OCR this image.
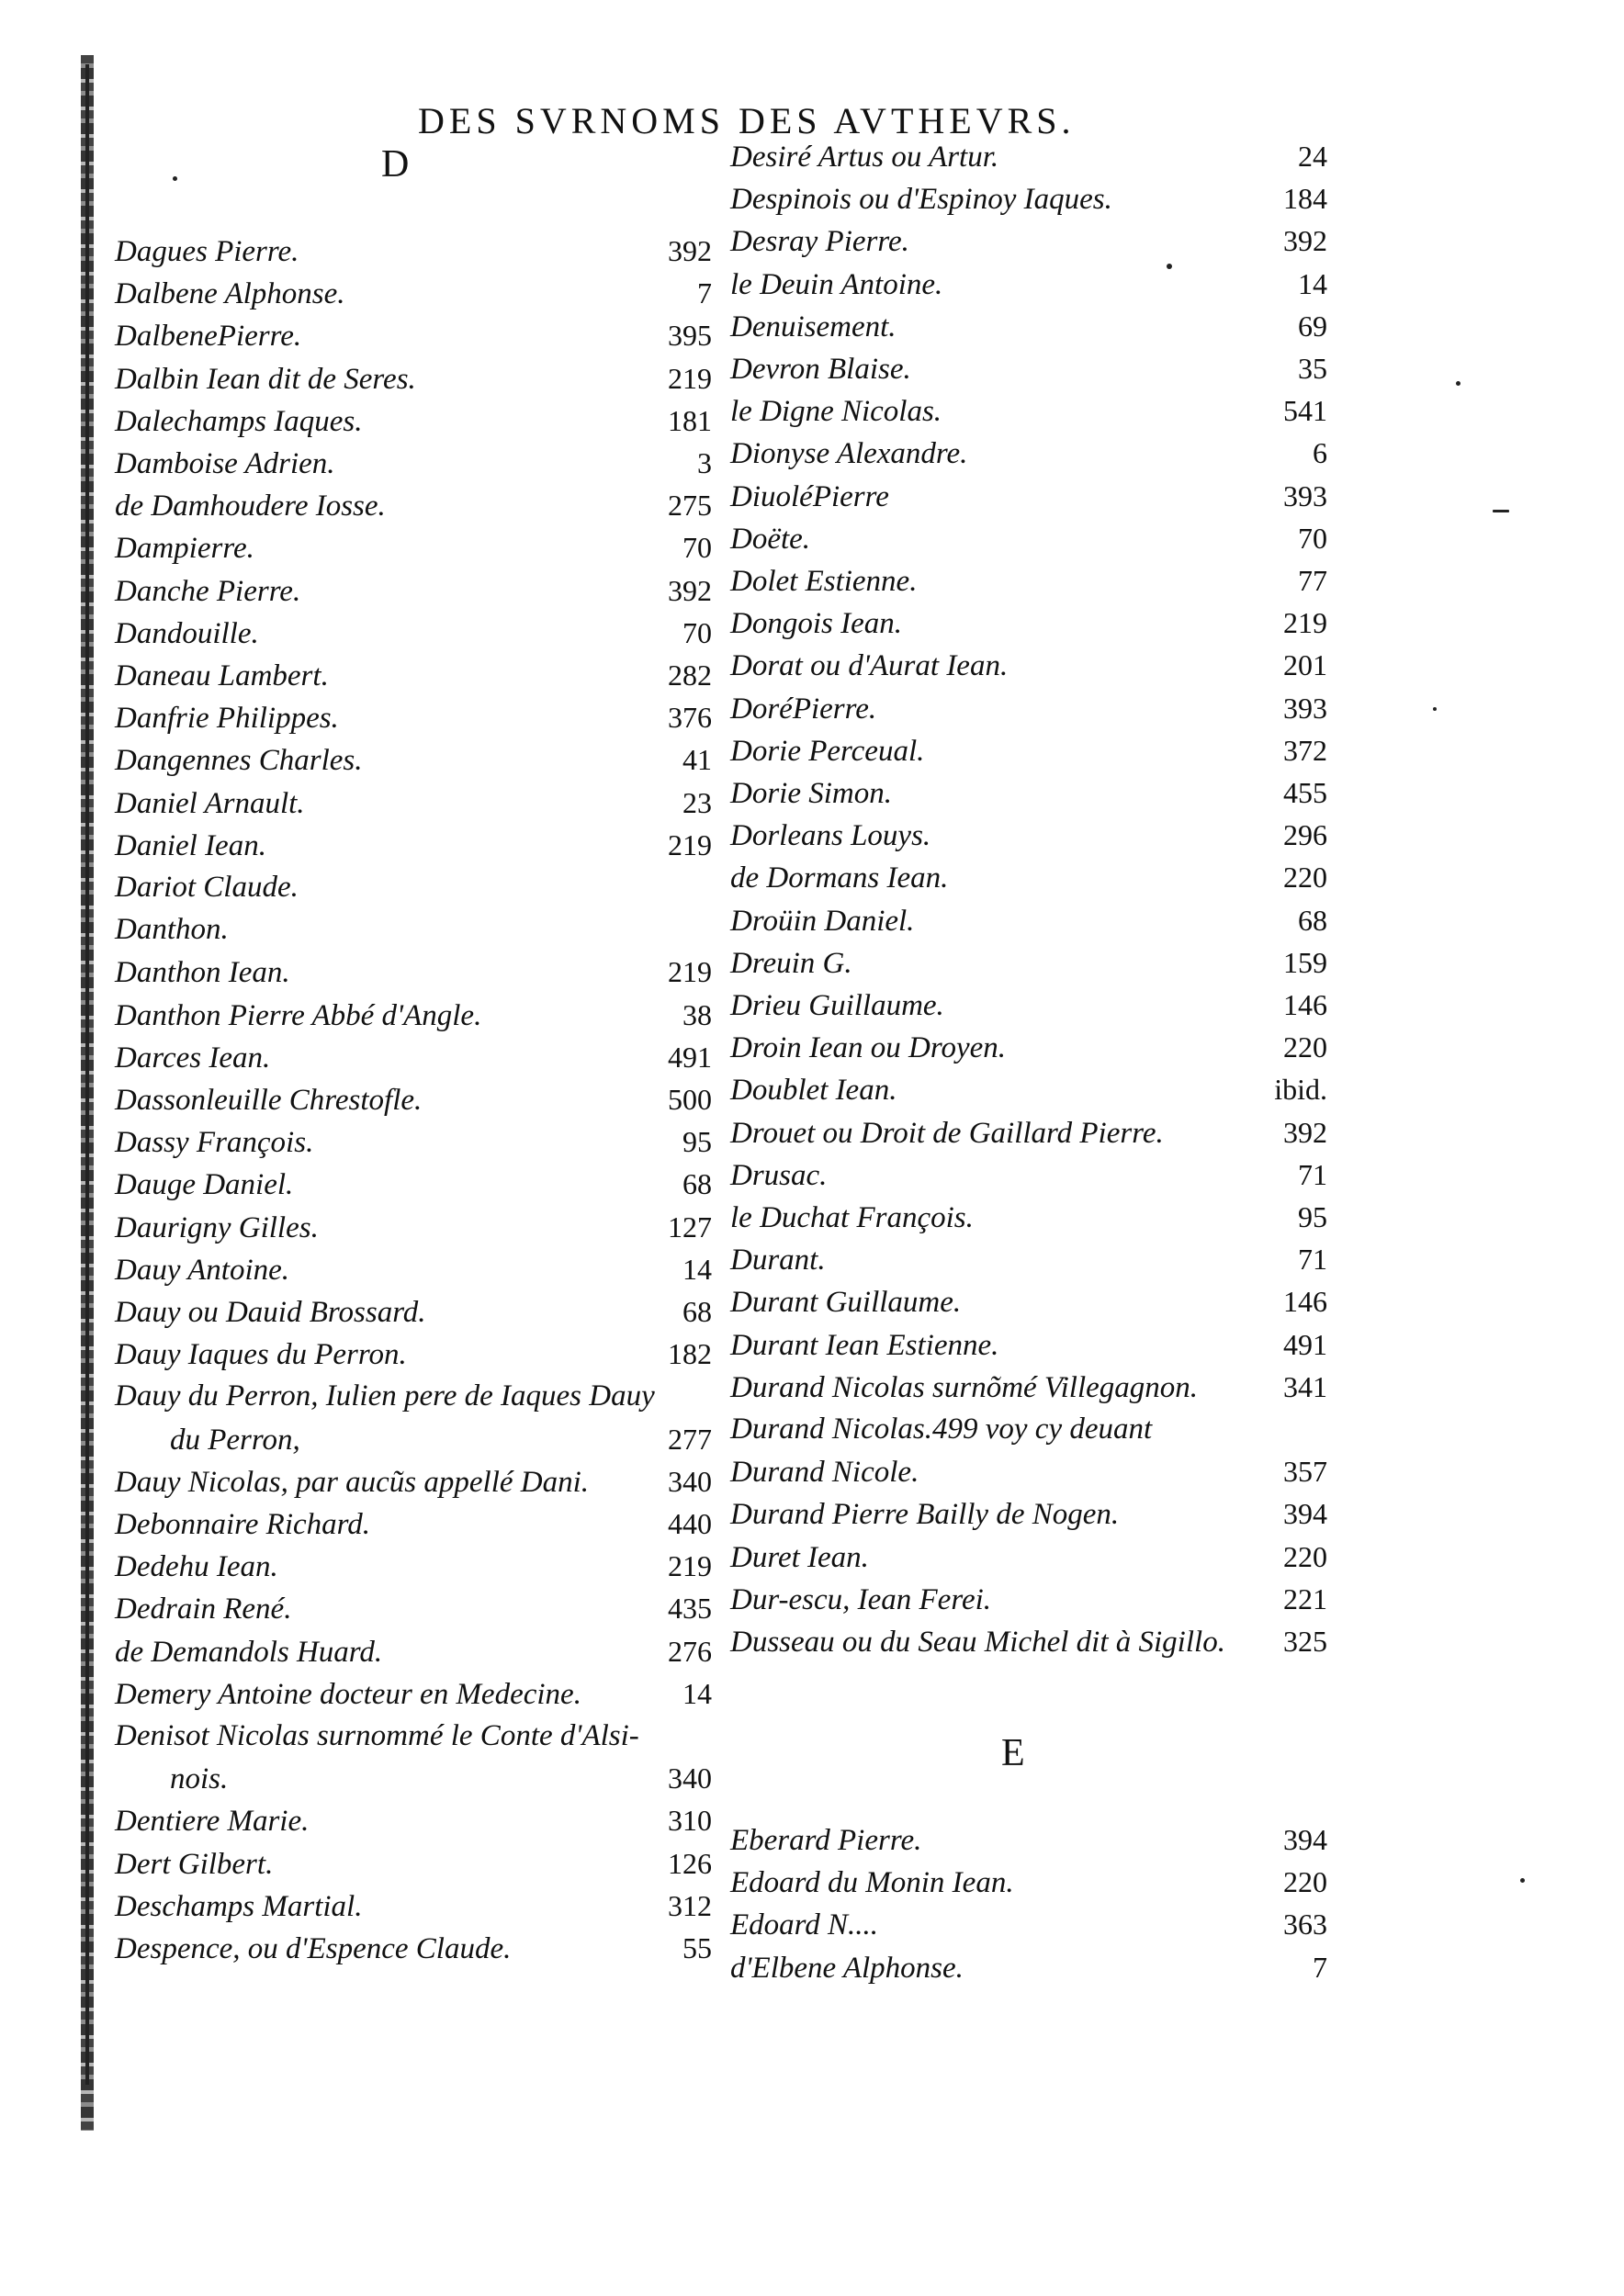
DES SVRNOMS DES AVTHEVRS.
D
Dagues Pierre.	392
Dalbene Alphonse.	7
DalbenePierre.	395
Dalbin Iean dit de Seres.	219
Dalechamps Iaques.	181
Damboise Adrien.	3
de Damhoudere Iosse.	275
Dampierre.	70
Danche Pierre.	392
Dandouille.	70
Daneau Lambert.	282
Danfrie Philippes.	376
Dangennes Charles.	41
Daniel Arnault.	23
Daniel Iean.	219
Dariot Claude.
Danthon.
Danthon Iean.	219
Danthon Pierre Abbé d'Angle.	38
Darces Iean.	491
Dassonleuille Chrestofle.	500
Dassy François.	95
Dauge Daniel.	68
Daurigny Gilles.	127
Dauy Antoine.	14
Dauy ou Dauid Brossard.	68
Dauy Iaques du Perron.	182
Dauy du Perron, Iulien pere de Iaques Dauy
du Perron,	277
Dauy Nicolas, par aucũs appellé Dani.	340
Debonnaire Richard.	440
Dedehu Iean.	219
Dedrain René.	435
de Demandols Huard.	276
Demery Antoine docteur en Medecine.	14
Denisot Nicolas surnommé le Conte d'Alsi-
nois.	340
Dentiere Marie.	310
Dert Gilbert.	126
Deschamps Martial.	312
Despence, ou d'Espence Claude.	55
Desiré Artus ou Artur.	24
Despinois ou d'Espinoy Iaques.	184
Desray Pierre.	392
le Deuin Antoine.	14
Denuisement.	69
Devron Blaise.	35
le Digne Nicolas.	541
Dionyse Alexandre.	6
DiuoléPierre	393
Doëte.	70
Dolet Estienne.	77
Dongois Iean.	219
Dorat ou d'Aurat Iean.	201
DoréPierre.	393
Dorie Perceual.	372
Dorie Simon.	455
Dorleans Louys.	296
de Dormans Iean.	220
Droüin Daniel.	68
Dreuin G.	159
Drieu Guillaume.	146
Droin Iean ou Droyen.	220
Doublet Iean.	ibid.
Drouet ou Droit de Gaillard Pierre.	392
Drusac.	71
le Duchat François.	95
Durant.	71
Durant Guillaume.	146
Durant Iean Estienne.	491
Durand Nicolas surnõmé Villegagnon.	341
Durand Nicolas.499 voy cy deuant
Durand Nicole.	357
Durand Pierre Bailly de Nogen.	394
Duret Iean.	220
Dur-escu, Iean Ferei.	221
Dusseau ou du Seau Michel dit à Sigillo.	325
E
Eberard Pierre.	394
Edoard du Monin Iean.	220
Edoard N....	363
d'Elbene Alphonse.	7
